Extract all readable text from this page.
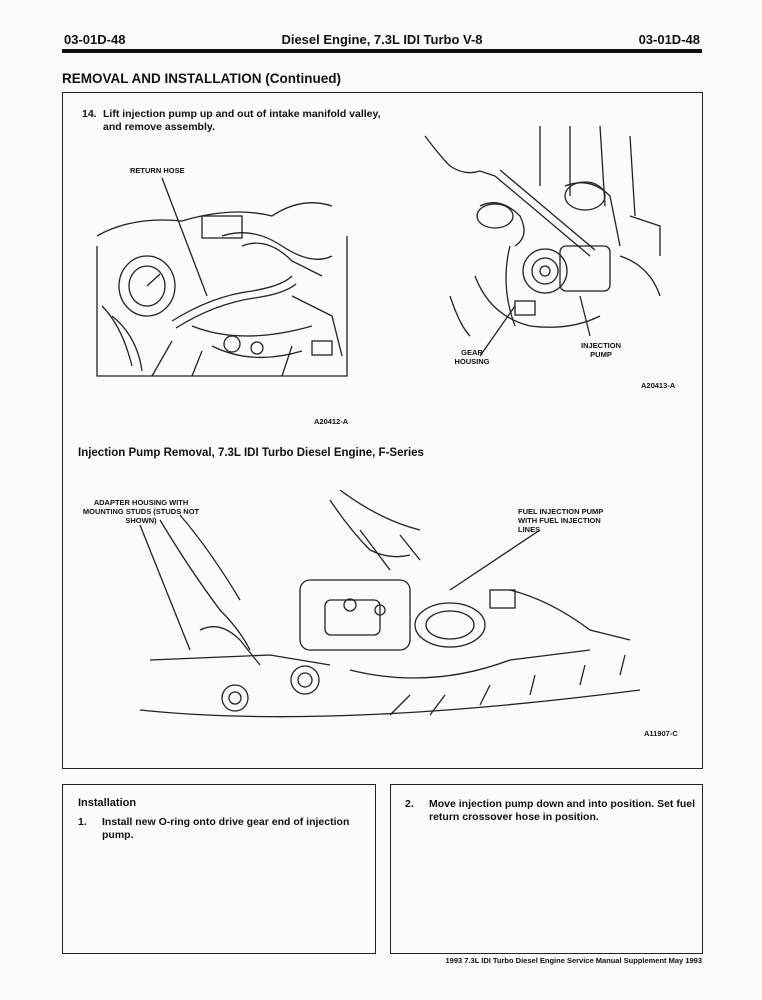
Diesel Engine, 7.3L IDI Turbo V-8
03-01D-48	03-01D-48
REMOVAL AND INSTALLATION (Continued)
14. Lift injection pump up and out of intake manifold valley, and remove assembly.
RETURN HOSE
A20412-A
GEAR HOUSING
INJECTION PUMP
A20413-A
Injection Pump Removal, 7.3L IDI Turbo Diesel Engine, F-Series
ADAPTER HOUSING WITH MOUNTING STUDS (STUDS NOT SHOWN)
FUEL INJECTION PUMP WITH FUEL INJECTION LINES
A11907-C
Installation
1. Install new O-ring onto drive gear end of injection pump.
2. Move injection pump down and into position. Set fuel return crossover hose in position.
1993 7.3L IDI Turbo Diesel Engine Service Manual Supplement May 1993
